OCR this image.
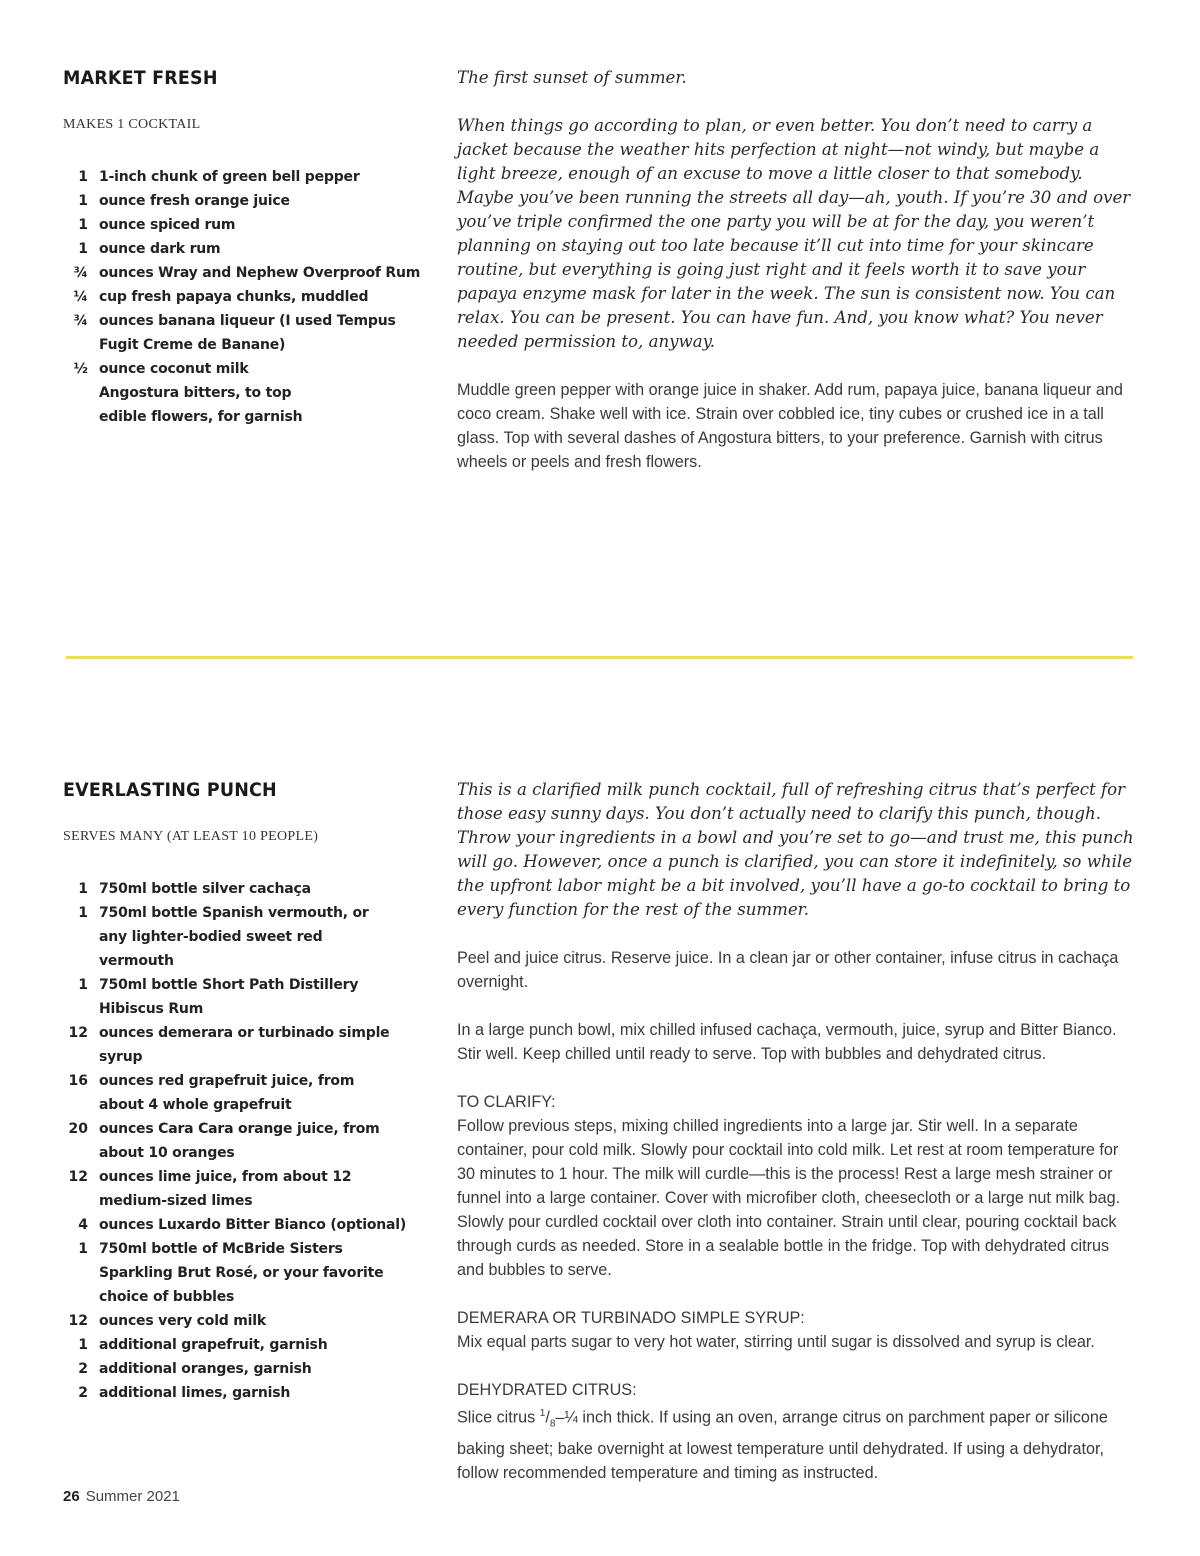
MARKET FRESH
MAKES 1 COCKTAIL
1 1-inch chunk of green bell pepper
1 ounce fresh orange juice
1 ounce spiced rum
1 ounce dark rum
¾ ounces Wray and Nephew Overproof Rum
¼ cup fresh papaya chunks, muddled
¾ ounces banana liqueur (I used Tempus Fugit Creme de Banane)
½ ounce coconut milk
Angostura bitters, to top
edible flowers, for garnish

The first sunset of summer.

When things go according to plan, or even better. You don’t need to carry a jacket because the weather hits perfection at night—not windy, but maybe a light breeze, enough of an excuse to move a little closer to that somebody. Maybe you’ve been running the streets all day—ah, youth. If you’re 30 and over you’ve triple confirmed the one party you will be at for the day, you weren’t planning on staying out too late because it’ll cut into time for your skincare routine, but everything is going just right and it feels worth it to save your papaya enzyme mask for later in the week. The sun is consistent now. You can relax. You can be present. You can have fun. And, you know what? You never needed permission to, anyway.

Muddle green pepper with orange juice in shaker. Add rum, papaya juice, banana liqueur and coco cream. Shake well with ice. Strain over cobbled ice, tiny cubes or crushed ice in a tall glass. Top with several dashes of Angostura bitters, to your preference. Garnish with citrus wheels or peels and fresh flowers.

EVERLASTING PUNCH
SERVES MANY (AT LEAST 10 PEOPLE)
1 750ml bottle silver cachaça
1 750ml bottle Spanish vermouth, or any lighter-bodied sweet red vermouth
1 750ml bottle Short Path Distillery Hibiscus Rum
12 ounces demerara or turbinado simple syrup
16 ounces red grapefruit juice, from about 4 whole grapefruit
20 ounces Cara Cara orange juice, from about 10 oranges
12 ounces lime juice, from about 12 medium-sized limes
4 ounces Luxardo Bitter Bianco (optional)
1 750ml bottle of McBride Sisters Sparkling Brut Rosé, or your favorite choice of bubbles
12 ounces very cold milk
1 additional grapefruit, garnish
2 additional oranges, garnish
2 additional limes, garnish

This is a clarified milk punch cocktail, full of refreshing citrus that’s perfect for those easy sunny days. You don’t actually need to clarify this punch, though. Throw your ingredients in a bowl and you’re set to go—and trust me, this punch will go. However, once a punch is clarified, you can store it indefinitely, so while the upfront labor might be a bit involved, you’ll have a go-to cocktail to bring to every function for the rest of the summer.

Peel and juice citrus. Reserve juice. In a clean jar or other container, infuse citrus in cachaça overnight.

In a large punch bowl, mix chilled infused cachaça, vermouth, juice, syrup and Bitter Bianco. Stir well. Keep chilled until ready to serve. Top with bubbles and dehydrated citrus.

TO CLARIFY:
Follow previous steps, mixing chilled ingredients into a large jar. Stir well. In a separate container, pour cold milk. Slowly pour cocktail into cold milk. Let rest at room temperature for 30 minutes to 1 hour. The milk will curdle—this is the process! Rest a large mesh strainer or funnel into a large container. Cover with microfiber cloth, cheesecloth or a large nut milk bag. Slowly pour curdled cocktail over cloth into container. Strain until clear, pouring cocktail back through curds as needed. Store in a sealable bottle in the fridge. Top with dehydrated citrus and bubbles to serve.

DEMERARA OR TURBINADO SIMPLE SYRUP:
Mix equal parts sugar to very hot water, stirring until sugar is dissolved and syrup is clear.

DEHYDRATED CITRUS:
Slice citrus $^1/_8-\frac{1}{4}$ inch thick. If using an oven, arrange citrus on parchment paper or silicone baking sheet; bake overnight at lowest temperature until dehydrated. If using a dehydrator, follow recommended temperature and timing as instructed.

26 Summer 2021
